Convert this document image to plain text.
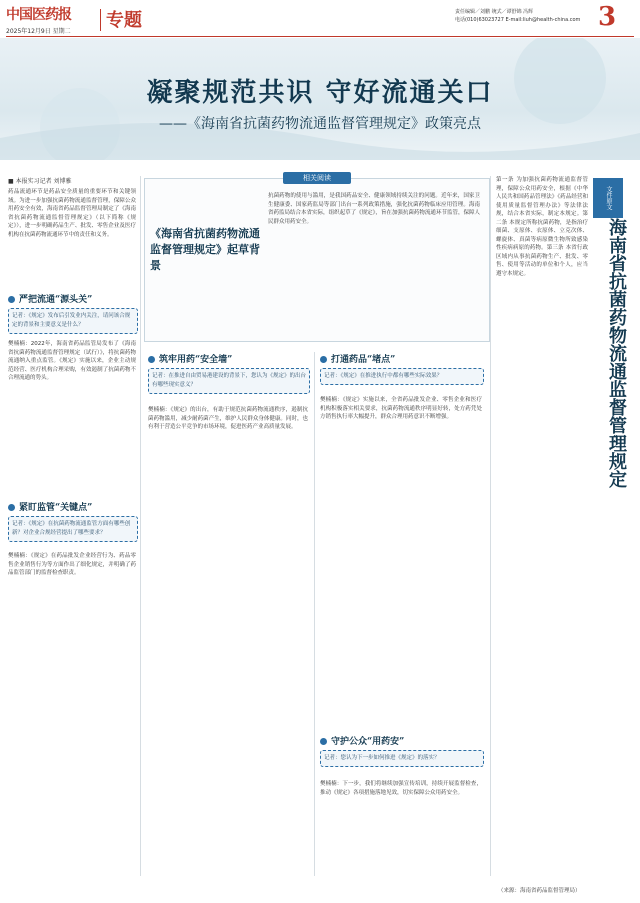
中国医药报
2025年12月9日 星期二
专题	责任编辑／刘鹏 统式／谭舒锦 冯辉
电话(010)63023727 E-mail:liuh@health-china.com 3
凝聚规范共识 守好流通关口
——《海南省抗菌药物流通监督管理规定》政策亮点
■ 本报实习记者 刘博雅
药品流通环节是药品安全质量的重要环节和关键领域。为进一步加强抗菌药物流通监督管理，保障公众用药安全有效，海南省药品监督管理局制定了《海南省抗菌药物流通监督管理规定》（以下简称《规定》），进一步明确药品生产、批发、零售企业及医疗机构在抗菌药物流通环节中的责任和义务。
严把流通“源头关”
记者：《规定》发布后引发业内关注，请问该合规定的背景和主要意义是什么？
樊楠楠：2022年，海南省药品监管局发布了《海南省抗菌药物流通监督管理规定（试行）》，将抗菌药物流通纳入重点监管。《规定》实施以来，企业主动规范经营、医疗机构合理采购，有效遏制了抗菌药物不合理流通的势头。
紧盯监管“关键点”
记者：《规定》在抗菌药物流通监管方面有哪些创新？对企业合规经营提出了哪些要求？
樊楠楠：《规定》在药品批发企业经营行为、药品零售企业销售行为等方面作出了细化规定，并明确了药品监管部门的监督检查职责。
相关阅读
《海南省抗菌药物流通监督管理规定》起草背景
抗菌药物的使用与滥用，是我国药品安全、健康领域持续关注的问题。近年来，国家卫生健康委、国家药监局等部门出台一系列政策措施，强化抗菌药物临床应用管理。海南省药监局结合本省实际，组织起草了《规定》，旨在加强抗菌药物流通环节监管，保障人民群众用药安全。
筑牢用药“安全墙”
记者：在推进自由贸易港建设的背景下，您认为《规定》的出台有哪些现实意义？
樊楠楠：《规定》的出台，有助于规范抗菌药物流通秩序，遏制抗菌药物滥用，减少耐药菌产生，维护人民群众身体健康。同时，也有利于营造公平竞争的市场环境，促进医药产业高质量发展。
打通药品“堵点”
记者：《规定》在推进执行中都有哪些实际效果？
樊楠楠：《规定》实施以来，全省药品批发企业、零售企业和医疗机构积极落实相关要求，抗菌药物流通秩序明显好转，处方药凭处方销售执行率大幅提升，群众合理用药意识不断增强。
守护公众“用药安”
记者：您认为下一步如何推进《规定》的落实？
樊楠楠：下一步，我们将继续加强宣传培训，持续开展监督检查，推动《规定》各项措施落地见效，切实保障公众用药安全。
文件原文
海南省抗菌药物流通监督管理规定
第一条 为加强抗菌药物流通监督管理，保障公众用药安全，根据《中华人民共和国药品管理法》《药品经营和使用质量监督管理办法》等法律法规，结合本省实际，制定本规定。第二条 本规定所称抗菌药物，是指治疗细菌、支原体、衣原体、立克次体、螺旋体、真菌等病原微生物所致感染性疾病病原的药物。第三条 本省行政区域内从事抗菌药物生产、批发、零售、使用等活动的单位和个人，应当遵守本规定。
（来源：海南省药品监督管理局）
